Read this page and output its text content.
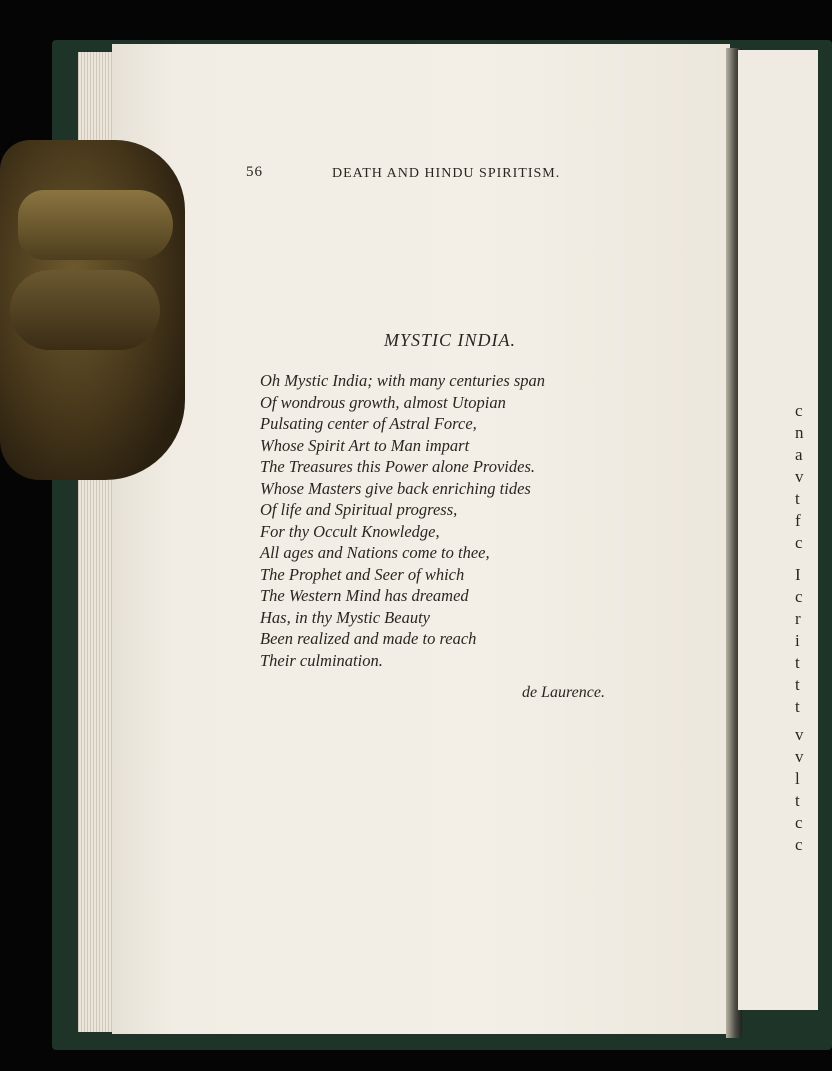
c
n
a
v
t
f
c
I
c
r
i
t
t
t
v
v
l
t
c
c
56	DEATH AND HINDU SPIRITISM.
MYSTIC INDIA.
Oh Mystic India; with many centuries span
Of wondrous growth, almost Utopian
Pulsating center of Astral Force,
Whose Spirit Art to Man impart
The Treasures this Power alone Provides.
Whose Masters give back enriching tides
Of life and Spiritual progress,
For thy Occult Knowledge,
All ages and Nations come to thee,
The Prophet and Seer of which
The Western Mind has dreamed
Has, in thy Mystic Beauty
Been realized and made to reach
Their culmination.
de Laurence.
